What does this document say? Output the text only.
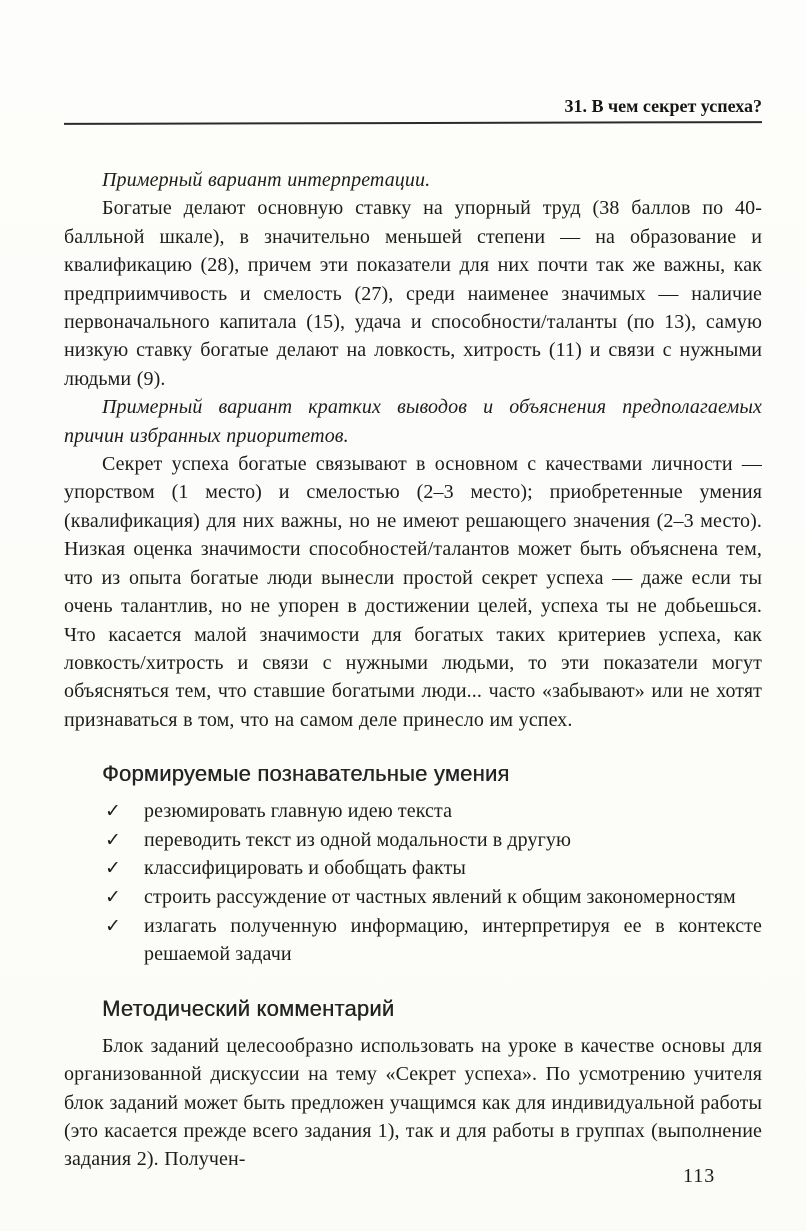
31. В чем секрет успеха?

Примерный вариант интерпретации.

Богатые делают основную ставку на упорный труд (38 баллов по 40-балльной шкале), в значительно меньшей степени — на образование и квалификацию (28), причем эти показатели для них почти так же важны, как предприимчивость и смелость (27), среди наименее значимых — наличие первоначального капитала (15), удача и способности/таланты (по 13), самую низкую ставку богатые делают на ловкость, хитрость (11) и связи с нужными людьми (9).

Примерный вариант кратких выводов и объяснения предполагаемых причин избранных приоритетов.

Секрет успеха богатые связывают в основном с качествами личности — упорством (1 место) и смелостью (2–3 место); приобретенные умения (квалификация) для них важны, но не имеют решающего значения (2–3 место). Низкая оценка значимости способностей/талантов может быть объяснена тем, что из опыта богатые люди вынесли простой секрет успеха — даже если ты очень талантлив, но не упорен в достижении целей, успеха ты не добьешься. Что касается малой значимости для богатых таких критериев успеха, как ловкость/хитрость и связи с нужными людьми, то эти показатели могут объясняться тем, что ставшие богатыми люди... часто «забывают» или не хотят признаваться в том, что на самом деле принесло им успех.

Формируемые познавательные умения
✓ резюмировать главную идею текста
✓ переводить текст из одной модальности в другую
✓ классифицировать и обобщать факты
✓ строить рассуждение от частных явлений к общим закономерностям
✓ излагать полученную информацию, интерпретируя ее в контексте решаемой задачи
Методический комментарий

Блок заданий целесообразно использовать на уроке в качестве основы для организованной дискуссии на тему «Секрет успеха». По усмотрению учителя блок заданий может быть предложен учащимся как для индивидуальной работы (это касается прежде всего задания 1), так и для работы в группах (выполнение задания 2). Получен-

113
